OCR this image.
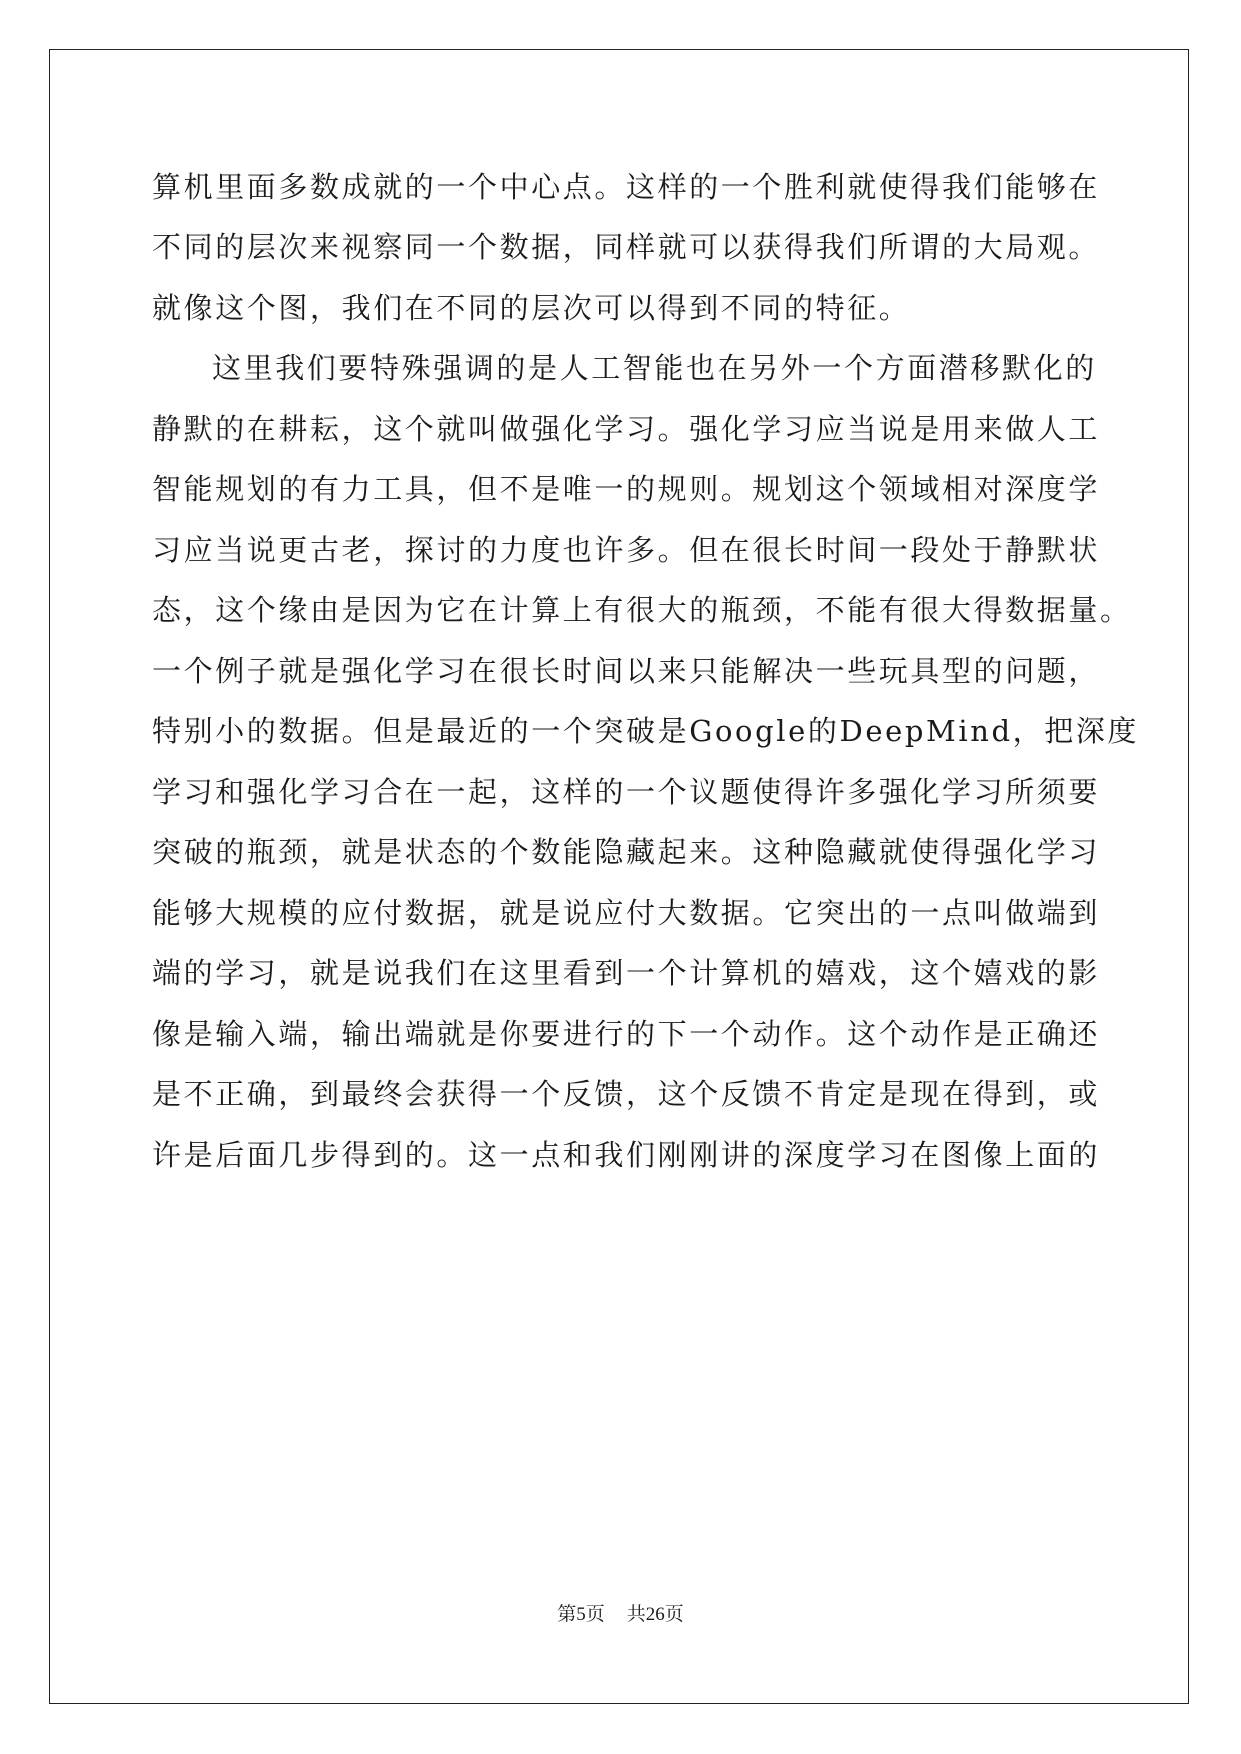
算机里面多数成就的一个中心点。这样的一个胜利就使得我们能够在
不同的层次来视察同一个数据，同样就可以获得我们所谓的大局观。
就像这个图，我们在不同的层次可以得到不同的特征。
这里我们要特殊强调的是人工智能也在另外一个方面潜移默化的
静默的在耕耘，这个就叫做强化学习。强化学习应当说是用来做人工
智能规划的有力工具，但不是唯一的规则。规划这个领域相对深度学
习应当说更古老，探讨的力度也许多。但在很长时间一段处于静默状
态，这个缘由是因为它在计算上有很大的瓶颈，不能有很大得数据量。
一个例子就是强化学习在很长时间以来只能解决一些玩具型的问题，
特别小的数据。但是最近的一个突破是Google的DeepMind，把深度
学习和强化学习合在一起，这样的一个议题使得许多强化学习所须要
突破的瓶颈，就是状态的个数能隐藏起来。这种隐藏就使得强化学习
能够大规模的应付数据，就是说应付大数据。它突出的一点叫做端到
端的学习，就是说我们在这里看到一个计算机的嬉戏，这个嬉戏的影
像是输入端，输出端就是你要进行的下一个动作。这个动作是正确还
是不正确，到最终会获得一个反馈，这个反馈不肯定是现在得到，或
许是后面几步得到的。这一点和我们刚刚讲的深度学习在图像上面的
第5页 共26页
